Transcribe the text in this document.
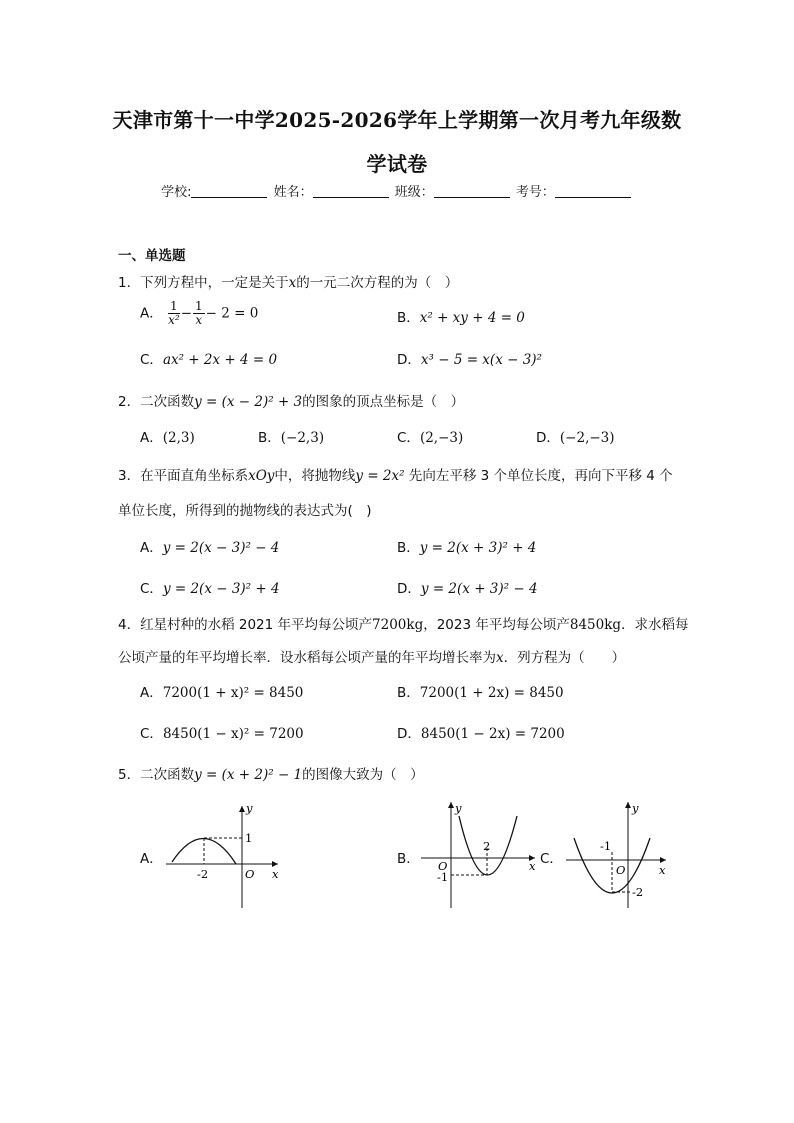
天津市第十一中学2025-2026学年上学期第一次月考九年级数
学试卷
学校:	姓名：	班级：	考号：
一、单选题
1．下列方程中，一定是关于x的一元二次方程的为（　）
A． $\frac{1}{\text{x²}} - \frac{1}{x} - 2 = 0$	B．x² + xy + 4 = 0
C．ax² + 2x + 4 = 0	D．x³ − 5 = x(x − 3)²
2．二次函数y = (x − 2)² + 3的图象的顶点坐标是（　）
A．(2,3)	B．(−2,3)	C．(2,−3)	D．(−2,−3)
3．在平面直角坐标系xOy中，将抛物线y = 2x² 先向左平移 3 个单位长度，再向下平移 4 个
单位长度，所得到的抛物线的表达式为(　)
A．y = 2(x − 3)² − 4	B．y = 2(x + 3)² + 4
C．y = 2(x − 3)² + 4	D．y = 2(x + 3)² − 4
4．红星村种的水稻 2021 年平均每公顷产7200kg，2023 年平均每公顷产8450kg．求水稻每
公顷产量的年平均增长率．设水稻每公顷产量的年平均增长率为x．列方程为（　　）
A．7200(1 + x)² = 8450	B．7200(1 + 2x) = 8450
C．8450(1 − x)² = 7200	D．8450(1 − 2x) = 7200
5．二次函数y = (x + 2)² − 1的图像大致为（　）
A．
y
x
O
-2
1
B．
y
x
O
2
-1
C．
y
x
O
-1
-2
